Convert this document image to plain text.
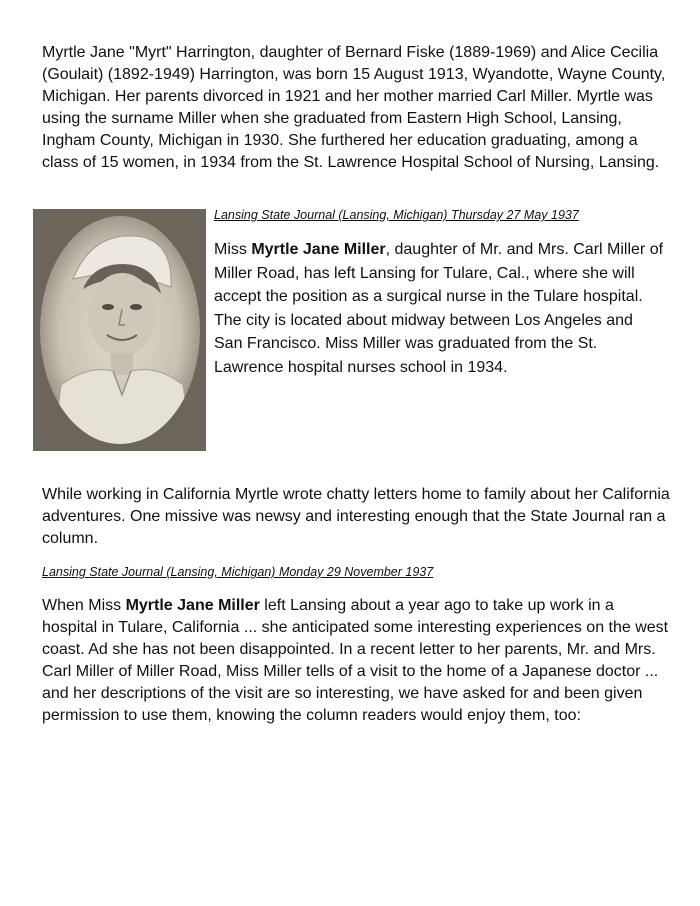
Myrtle Jane "Myrt" Harrington, daughter of Bernard Fiske (1889-1969) and Alice Cecilia (Goulait) (1892-1949) Harrington, was born 15 August 1913, Wyandotte, Wayne County, Michigan. Her parents divorced in 1921 and her mother married Carl Miller. Myrtle was using the surname Miller when she graduated from Eastern High School, Lansing, Ingham County, Michigan in 1930. She furthered her education graduating, among a class of 15 women, in 1934 from the St. Lawrence Hospital School of Nursing, Lansing.

Lansing State Journal (Lansing, Michigan) Thursday 27 May 1937

Miss Myrtle Jane Miller, daughter of Mr. and Mrs. Carl Miller of Miller Road, has left Lansing for Tulare, Cal., where she will accept the position as a surgical nurse in the Tulare hospital. The city is located about midway between Los Angeles and San Francisco. Miss Miller was graduated from the St. Lawrence hospital nurses school in 1934.

While working in California Myrtle wrote chatty letters home to family about her California adventures. One missive was newsy and interesting enough that the State Journal ran a column.

Lansing State Journal (Lansing, Michigan) Monday 29 November 1937

When Miss Myrtle Jane Miller left Lansing about a year ago to take up work in a hospital in Tulare, California ... she anticipated some interesting experiences on the west coast. Ad she has not been disappointed. In a recent letter to her parents, Mr. and Mrs. Carl Miller of Miller Road, Miss Miller tells of a visit to the home of a Japanese doctor ... and her descriptions of the visit are so interesting, we have asked for and been given permission to use them, knowing the column readers would enjoy them, too:
